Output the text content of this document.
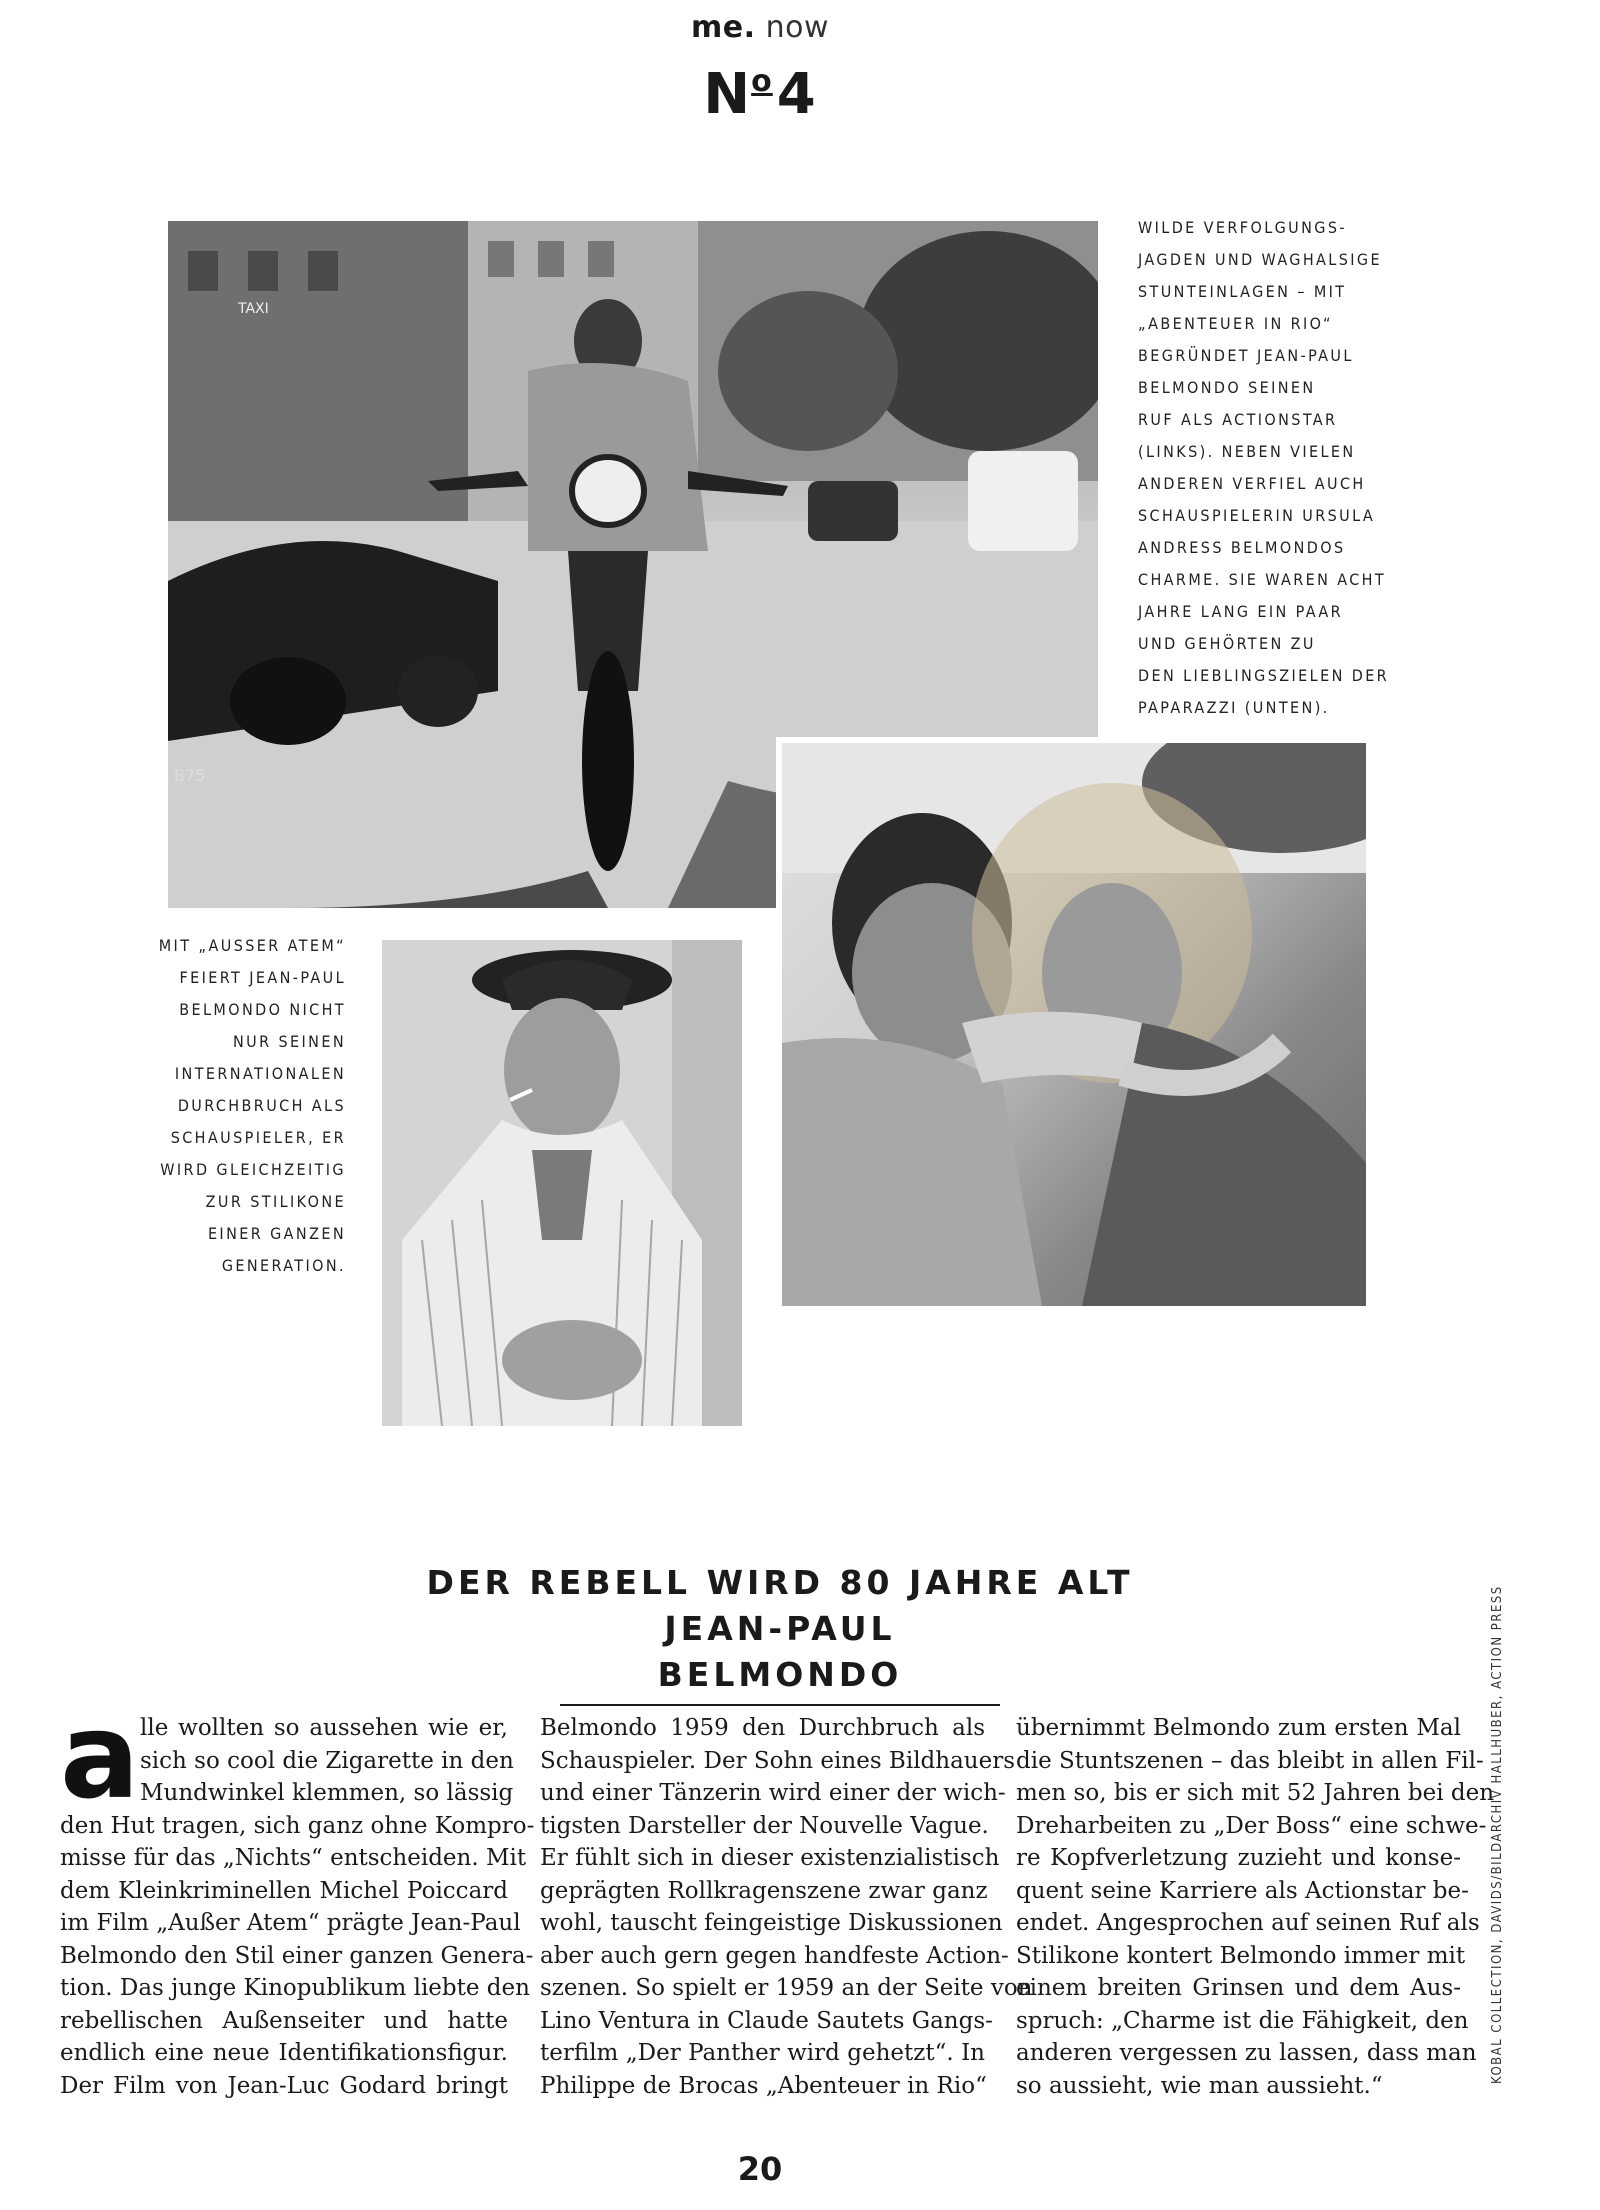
me. now
$N^o4$
TAXI
B75
WILDE VERFOLGUNGS-
JAGDEN UND WAGHALSIGE
STUNTEINLAGEN – MIT
„ABENTEUER IN RIO“
BEGRÜNDET JEAN-PAUL
BELMONDO SEINEN
RUF ALS ACTIONSTAR
(LINKS). NEBEN VIELEN
ANDEREN VERFIEL AUCH
SCHAUSPIELERIN URSULA
ANDRESS BELMONDOS
CHARME. SIE WAREN ACHT
JAHRE LANG EIN PAAR
UND GEHÖRTEN ZU
DEN LIEBLINGSZIELEN DER
PAPARAZZI (UNTEN).
MIT „AUSSER ATEM“
FEIERT JEAN-PAUL
BELMONDO NICHT
NUR SEINEN
INTERNATIONALEN
DURCHBRUCH ALS
SCHAUSPIELER, ER
WIRD GLEICHZEITIG
ZUR STILIKONE
EINER GANZEN
GENERATION.
DER REBELL WIRD 80 JAHRE ALT
JEAN-PAUL BELMONDO
a lle wollten so aussehen wie er,
sich so cool die Zigarette in den
Mundwinkel klemmen, so lässig
den Hut tragen, sich ganz ohne Kompro-
misse für das „Nichts“ entscheiden. Mit
dem Kleinkriminellen Michel Poiccard
im Film „Außer Atem“ prägte Jean-Paul
Belmondo den Stil einer ganzen Genera-
tion. Das junge Kinopublikum liebte den
rebellischen Außenseiter und hatte
endlich eine neue Identifikationsfigur.
Der Film von Jean-Luc Godard bringt
Belmondo 1959 den Durchbruch als
Schauspieler. Der Sohn eines Bildhauers
und einer Tänzerin wird einer der wich-
tigsten Darsteller der Nouvelle Vague.
Er fühlt sich in dieser existenzialistisch
geprägten Rollkragenszene zwar ganz
wohl, tauscht feingeistige Diskussionen
aber auch gern gegen handfeste Action-
szenen. So spielt er 1959 an der Seite von
Lino Ventura in Claude Sautets Gangs-
terfilm „Der Panther wird gehetzt“. In
Philippe de Brocas „Abenteuer in Rio“
übernimmt Belmondo zum ersten Mal
die Stuntszenen – das bleibt in allen Fil-
men so, bis er sich mit 52 Jahren bei den
Dreharbeiten zu „Der Boss“ eine schwe-
re Kopfverletzung zuzieht und konse-
quent seine Karriere als Actionstar be-
endet. Angesprochen auf seinen Ruf als
Stilikone kontert Belmondo immer mit
einem breiten Grinsen und dem Aus-
spruch: „Charme ist die Fähigkeit, den
anderen vergessen zu lassen, dass man
so aussieht, wie man aussieht.“
KOBAL COLLECTION, DAVIDS/BILDARCHIV HALLHUBER, ACTION PRESS
20
